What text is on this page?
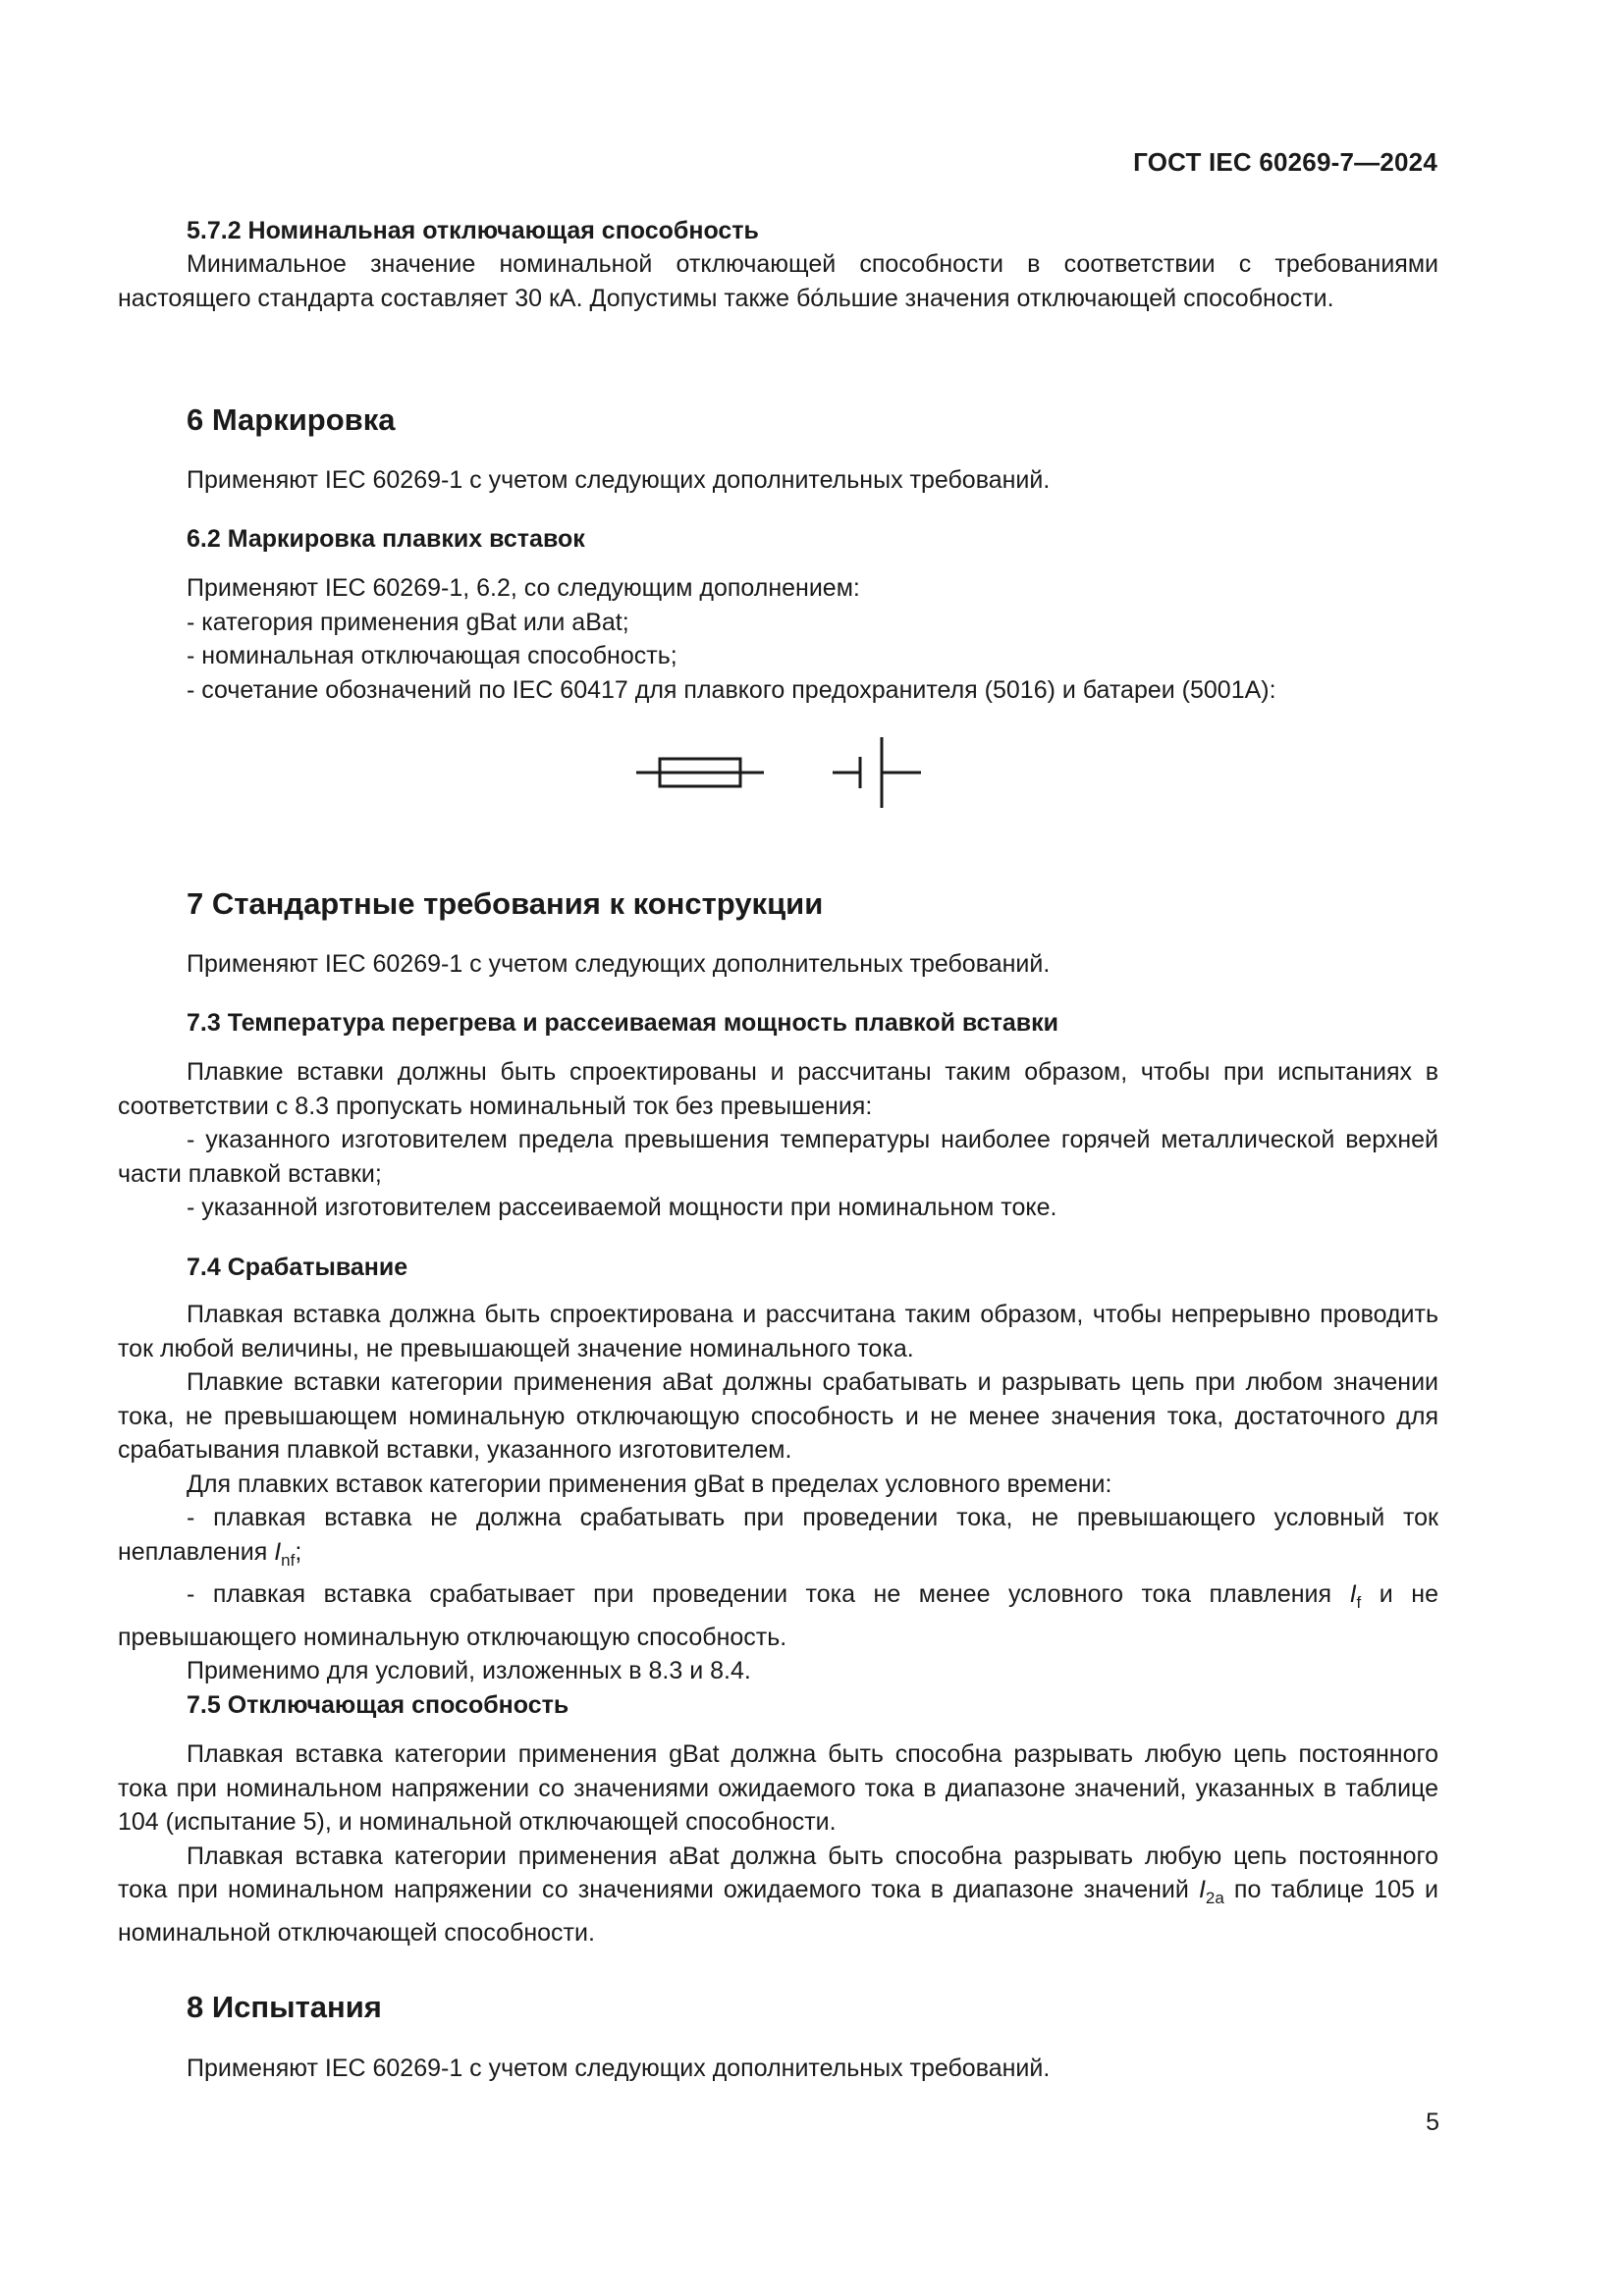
ГОСТ IEC 60269-7—2024

5.7.2 Номинальная отключающая способность

Минимальное значение номинальной отключающей способности в соответствии с требованиями настоящего стандарта составляет 30 кА. Допустимы также бо́льшие значения отключающей способности.

6 Маркировка

Применяют IEC 60269-1 с учетом следующих дополнительных требований.

6.2 Маркировка плавких вставок

Применяют IEC 60269-1, 6.2, со следующим дополнением:

- категория применения gBat или aBat;

- номинальная отключающая способность;

- сочетание обозначений по IEC 60417 для плавкого предохранителя (5016) и батареи (5001A):

7 Стандартные требования к конструкции

Применяют IEC 60269-1 с учетом следующих дополнительных требований.

7.3 Температура перегрева и рассеиваемая мощность плавкой вставки

Плавкие вставки должны быть спроектированы и рассчитаны таким образом, чтобы при испытаниях в соответствии с 8.3 пропускать номинальный ток без превышения:

- указанного изготовителем предела превышения температуры наиболее горячей металлической верхней части плавкой вставки;

- указанной изготовителем рассеиваемой мощности при номинальном токе.

7.4 Срабатывание

Плавкая вставка должна быть спроектирована и рассчитана таким образом, чтобы непрерывно проводить ток любой величины, не превышающей значение номинального тока.

Плавкие вставки категории применения aBat должны срабатывать и разрывать цепь при любом значении тока, не превышающем номинальную отключающую способность и не менее значения тока, достаточного для срабатывания плавкой вставки, указанного изготовителем.

Для плавких вставок категории применения gBat в пределах условного времени:

- плавкая вставка не должна срабатывать при проведении тока, не превышающего условный ток неплавления $I_{nf}$;

- плавкая вставка срабатывает при проведении тока не менее условного тока плавления $I_f$ и не превышающего номинальную отключающую способность.

Применимо для условий, изложенных в 8.3 и 8.4.

7.5 Отключающая способность

Плавкая вставка категории применения gBat должна быть способна разрывать любую цепь постоянного тока при номинальном напряжении со значениями ожидаемого тока в диапазоне значений, указанных в таблице 104 (испытание 5), и номинальной отключающей способности.

Плавкая вставка категории применения aBat должна быть способна разрывать любую цепь постоянного тока при номинальном напряжении со значениями ожидаемого тока в диапазоне значений $I_{2a}$ по таблице 105 и номинальной отключающей способности.

8 Испытания

Применяют IEC 60269-1 с учетом следующих дополнительных требований.

5
